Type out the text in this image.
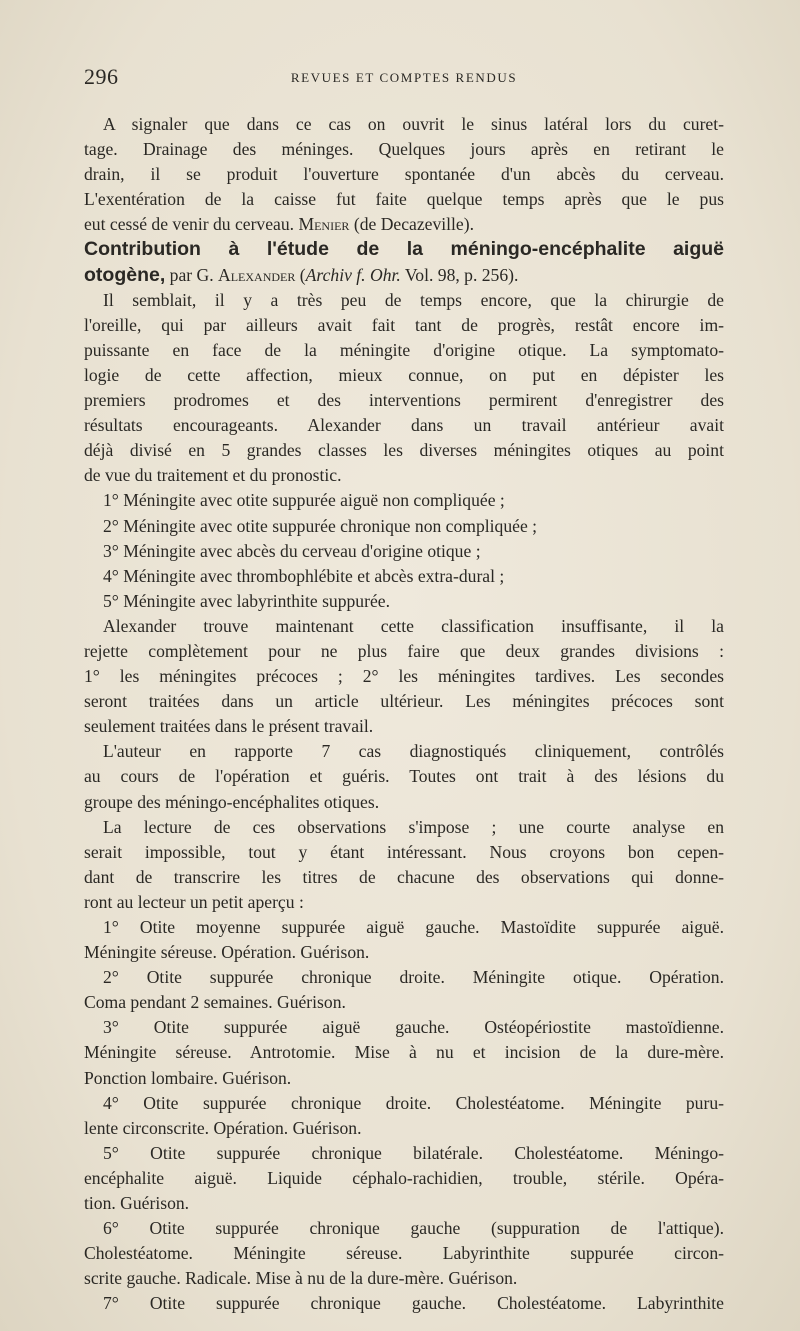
296	REVUES ET COMPTES RENDUS
A signaler que dans ce cas on ouvrit le sinus latéral lors du curet-
tage. Drainage des méninges. Quelques jours après en retirant le
drain, il se produit l'ouverture spontanée d'un abcès du cerveau.
L'exentération de la caisse fut faite quelque temps après que le pus
eut cessé de venir du cerveau. Menier (de Decazeville).
Contribution à l'étude de la méningo-encéphalite aiguë
otogène, par G. Alexander (Archiv f. Ohr. Vol. 98, p. 256).
Il semblait, il y a très peu de temps encore, que la chirurgie de
l'oreille, qui par ailleurs avait fait tant de progrès, restât encore im-
puissante en face de la méningite d'origine otique. La symptomato-
logie de cette affection, mieux connue, on put en dépister les
premiers prodromes et des interventions permirent d'enregistrer des
résultats encourageants. Alexander dans un travail antérieur avait
déjà divisé en 5 grandes classes les diverses méningites otiques au point
de vue du traitement et du pronostic.
1° Méningite avec otite suppurée aiguë non compliquée ;
2° Méningite avec otite suppurée chronique non compliquée ;
3° Méningite avec abcès du cerveau d'origine otique ;
4° Méningite avec thrombophlébite et abcès extra-dural ;
5° Méningite avec labyrinthite suppurée.
Alexander trouve maintenant cette classification insuffisante, il la
rejette complètement pour ne plus faire que deux grandes divisions :
1° les méningites précoces ; 2° les méningites tardives. Les secondes
seront traitées dans un article ultérieur. Les méningites précoces sont
seulement traitées dans le présent travail.
L'auteur en rapporte 7 cas diagnostiqués cliniquement, contrôlés
au cours de l'opération et guéris. Toutes ont trait à des lésions du
groupe des méningo-encéphalites otiques.
La lecture de ces observations s'impose ; une courte analyse en
serait impossible, tout y étant intéressant. Nous croyons bon cepen-
dant de transcrire les titres de chacune des observations qui donne-
ront au lecteur un petit aperçu :
1° Otite moyenne suppurée aiguë gauche. Mastoïdite suppurée aiguë.
Méningite séreuse. Opération. Guérison.
2° Otite suppurée chronique droite. Méningite otique. Opération.
Coma pendant 2 semaines. Guérison.
3° Otite suppurée aiguë gauche. Ostéopériostite mastoïdienne.
Méningite séreuse. Antrotomie. Mise à nu et incision de la dure-mère.
Ponction lombaire. Guérison.
4° Otite suppurée chronique droite. Cholestéatome. Méningite puru-
lente circonscrite. Opération. Guérison.
5° Otite suppurée chronique bilatérale. Cholestéatome. Méningo-
encéphalite aiguë. Liquide céphalo-rachidien, trouble, stérile. Opéra-
tion. Guérison.
6° Otite suppurée chronique gauche (suppuration de l'attique).
Cholestéatome. Méningite séreuse. Labyrinthite suppurée circon-
scrite gauche. Radicale. Mise à nu de la dure-mère. Guérison.
7° Otite suppurée chronique gauche. Cholestéatome. Labyrinthite
